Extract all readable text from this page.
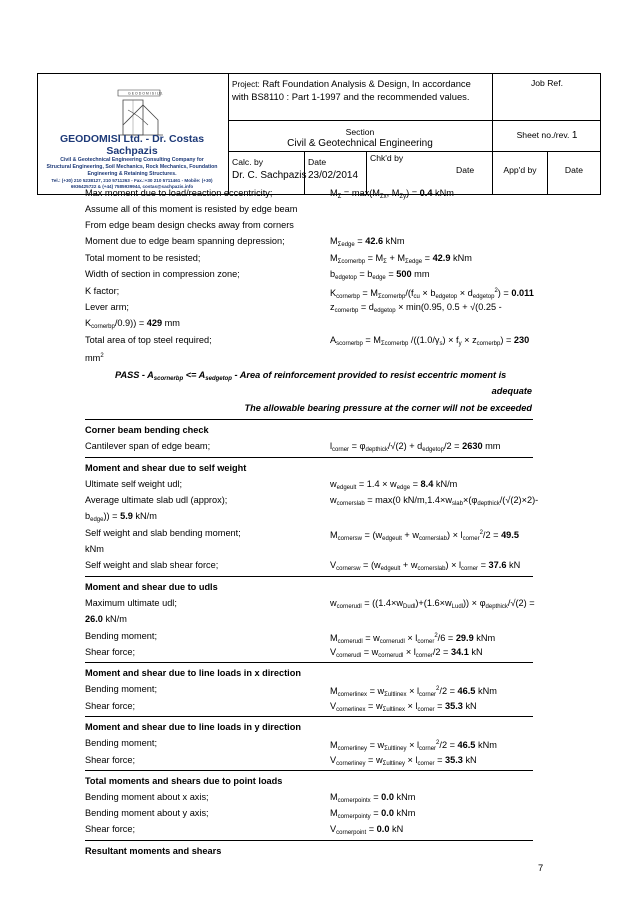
G E O D O M I S I Ltd.
Project: Raft Foundation Analysis & Design, In accordance with BS8110 : Part 1-1997 and the recommended values.
Job Ref.
Section
Civil & Geotechnical Engineering
Sheet no./rev. 1
Calc. by
Dr. C. Sachpazis
Date
23/02/2014
Chk'd by
Date	App'd by	Date
GEODOMISI Ltd. - Dr. Costas Sachpazis
Civil & Geotechnical Engineering Consulting Company for
Structural Engineering, Soil Mechanics, Rock Mechanics, Foundation
Engineering & Retaining Structures.
Tel.: (+30) 210 5238127, 210 5711263 - Fax.:+30 210 5711461 - Mobile: (+30)
6936425722 & (+44) 7585939944, costas@sachpazis.info
Max moment due to load/reaction eccentricity;	$M_\Sigma = \max(M_{\Sigma x}$, $M_{\Sigma y}) = 0.4$ kNm
Assume all of this moment is resisted by edge beam
From edge beam design checks away from corners
Moment due to edge beam spanning depression;	$M_{\Sigma edge} = 42.6$ kNm
Total moment to be resisted;	$M_{\Sigma cornerbp} = M_\Sigma + M_{\Sigma edge} = 42.9$ kNm
Width of section in compression zone;	$b_{edgetop} = b_{edge} = 500$ mm
K factor;	$K_{cornerbp} = M_{\Sigma cornerbp}/(f_{cu} \times b_{edgetop} \times d_{edgetop}^2) = 0.011$
Lever arm;	$z_{cornerbp} = d_{edgetop} \times \min(0.95$, 0.5 + √(0.25 -
$K_{cornerbp}/0.9)) = 429$ mm
Total area of top steel required;	$A_{scornerbp} = M_{\Sigma cornerbp}$ $/((1.0/\gamma_s) \times f_y \times z_{cornerbp}) = 230$
$mm^2$
PASS - $A_{scornerbp} <= A_{sedgetop}$ - Area of reinforcement provided to resist eccentric moment is
adequate
The allowable bearing pressure at the corner will not be exceeded
Corner beam bending check
Cantilever span of edge beam;	$l_{corner} = \varphi_{depthick}/√(2) + d_{edgetop}/2 = 2630$ mm
Moment and shear due to self weight
Ultimate self weight udl;	$w_{edgeult} = 1.4 \times w_{edge} = 8.4$ kN/m
Average ultimate slab udl (approx);	$w_{cornerslab} = \max(0$ $kN/m,1.4\times w_{slab}\times(\varphi_{depthick}/(√(2)\times 2)-$
$b_{edge})) = 5.9$ kN/m
Self weight and slab bending moment;	$M_{cornersw} = (w_{edgeult} + w_{cornerslab}) \times l_{corner}^2/2 = 49.5$
kNm
Self weight and slab shear force;	$V_{cornersw} = (w_{edgeult} + w_{cornerslab}) \times l_{corner} = 37.6$ kN
Moment and shear due to udls
Maximum ultimate udl;	$w_{cornerudl} = ((1.4\times w_{Dudl})+(1.6\times w_{Ludl})) \times \varphi_{depthick}/√(2)$ =
26.0 kN/m
Bending moment;	$M_{cornerudl} = w_{cornerudl} \times l_{corner}^2/6 = 29.9$ kNm
Shear force;	$V_{cornerudl} = w_{cornerudl} \times l_{corner}/2 = 34.1$ kN
Moment and shear due to line loads in x direction
Bending moment;	$M_{cornerlinex} = w_{\Sigma ultlinex} \times l_{corner}^2/2 = 46.5$ kNm
Shear force;	$V_{cornerlinex} = w_{\Sigma ultlinex} \times l_{corner} = 35.3$ kN
Moment and shear due to line loads in y direction
Bending moment;	$M_{cornerliney} = w_{\Sigma ultliney} \times l_{corner}^2/2 = 46.5$ kNm
Shear force;	$V_{cornerliney} = w_{\Sigma ultliney} \times l_{corner} = 35.3$ kN
Total moments and shears due to point loads
Bending moment about x axis;	$M_{cornerpointx} = 0.0$ kNm
Bending moment about y axis;	$M_{cornerpointy} = 0.0$ kNm
Shear force;	$V_{cornerpoint} = 0.0$ kN
Resultant moments and shears
7
